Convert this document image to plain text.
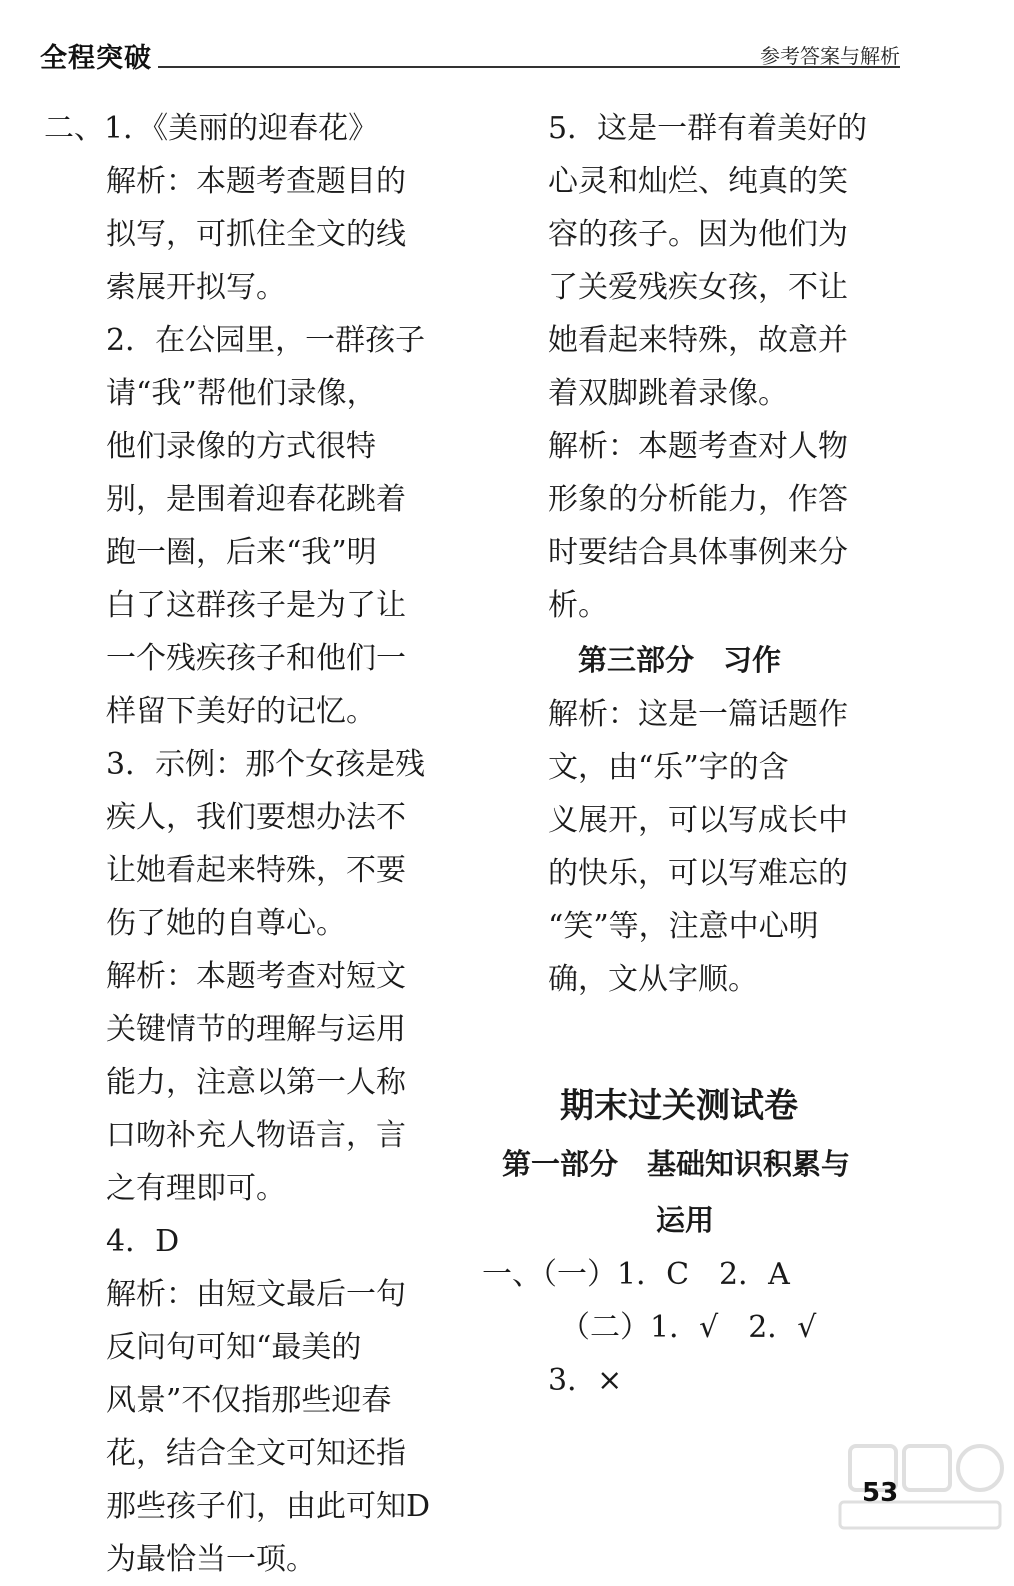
全程突破	参考答案与解析
二、1．《美丽的迎春花》
解析：本题考查题目的
拟写，可抓住全文的线
索展开拟写。
2．在公园里，一群孩子
请“我”帮他们录像，
他们录像的方式很特
别，是围着迎春花跳着
跑一圈，后来“我”明
白了这群孩子是为了让
一个残疾孩子和他们一
样留下美好的记忆。
3．示例：那个女孩是残
疾人，我们要想办法不
让她看起来特殊，不要
伤了她的自尊心。
解析：本题考查对短文
关键情节的理解与运用
能力，注意以第一人称
口吻补充人物语言，言
之有理即可。
4．D
解析：由短文最后一句
反问句可知“最美的
风景”不仅指那些迎春
花，结合全文可知还指
那些孩子们，由此可知D
为最恰当一项。
5．这是一群有着美好的
心灵和灿烂、纯真的笑
容的孩子。因为他们为
了关爱残疾女孩，不让
她看起来特殊，故意并
着双脚跳着录像。
解析：本题考查对人物
形象的分析能力，作答
时要结合具体事例来分
析。
第三部分　习作
解析：这是一篇话题作
文，由“乐”字的含
义展开，可以写成长中
的快乐，可以写难忘的
“笑”等，注意中心明
确，文从字顺。
期末过关测试卷
第一部分　基础知识积累与
运用
一、（一）1．C　2．A
（二）1．√　2．√
3．×
53
